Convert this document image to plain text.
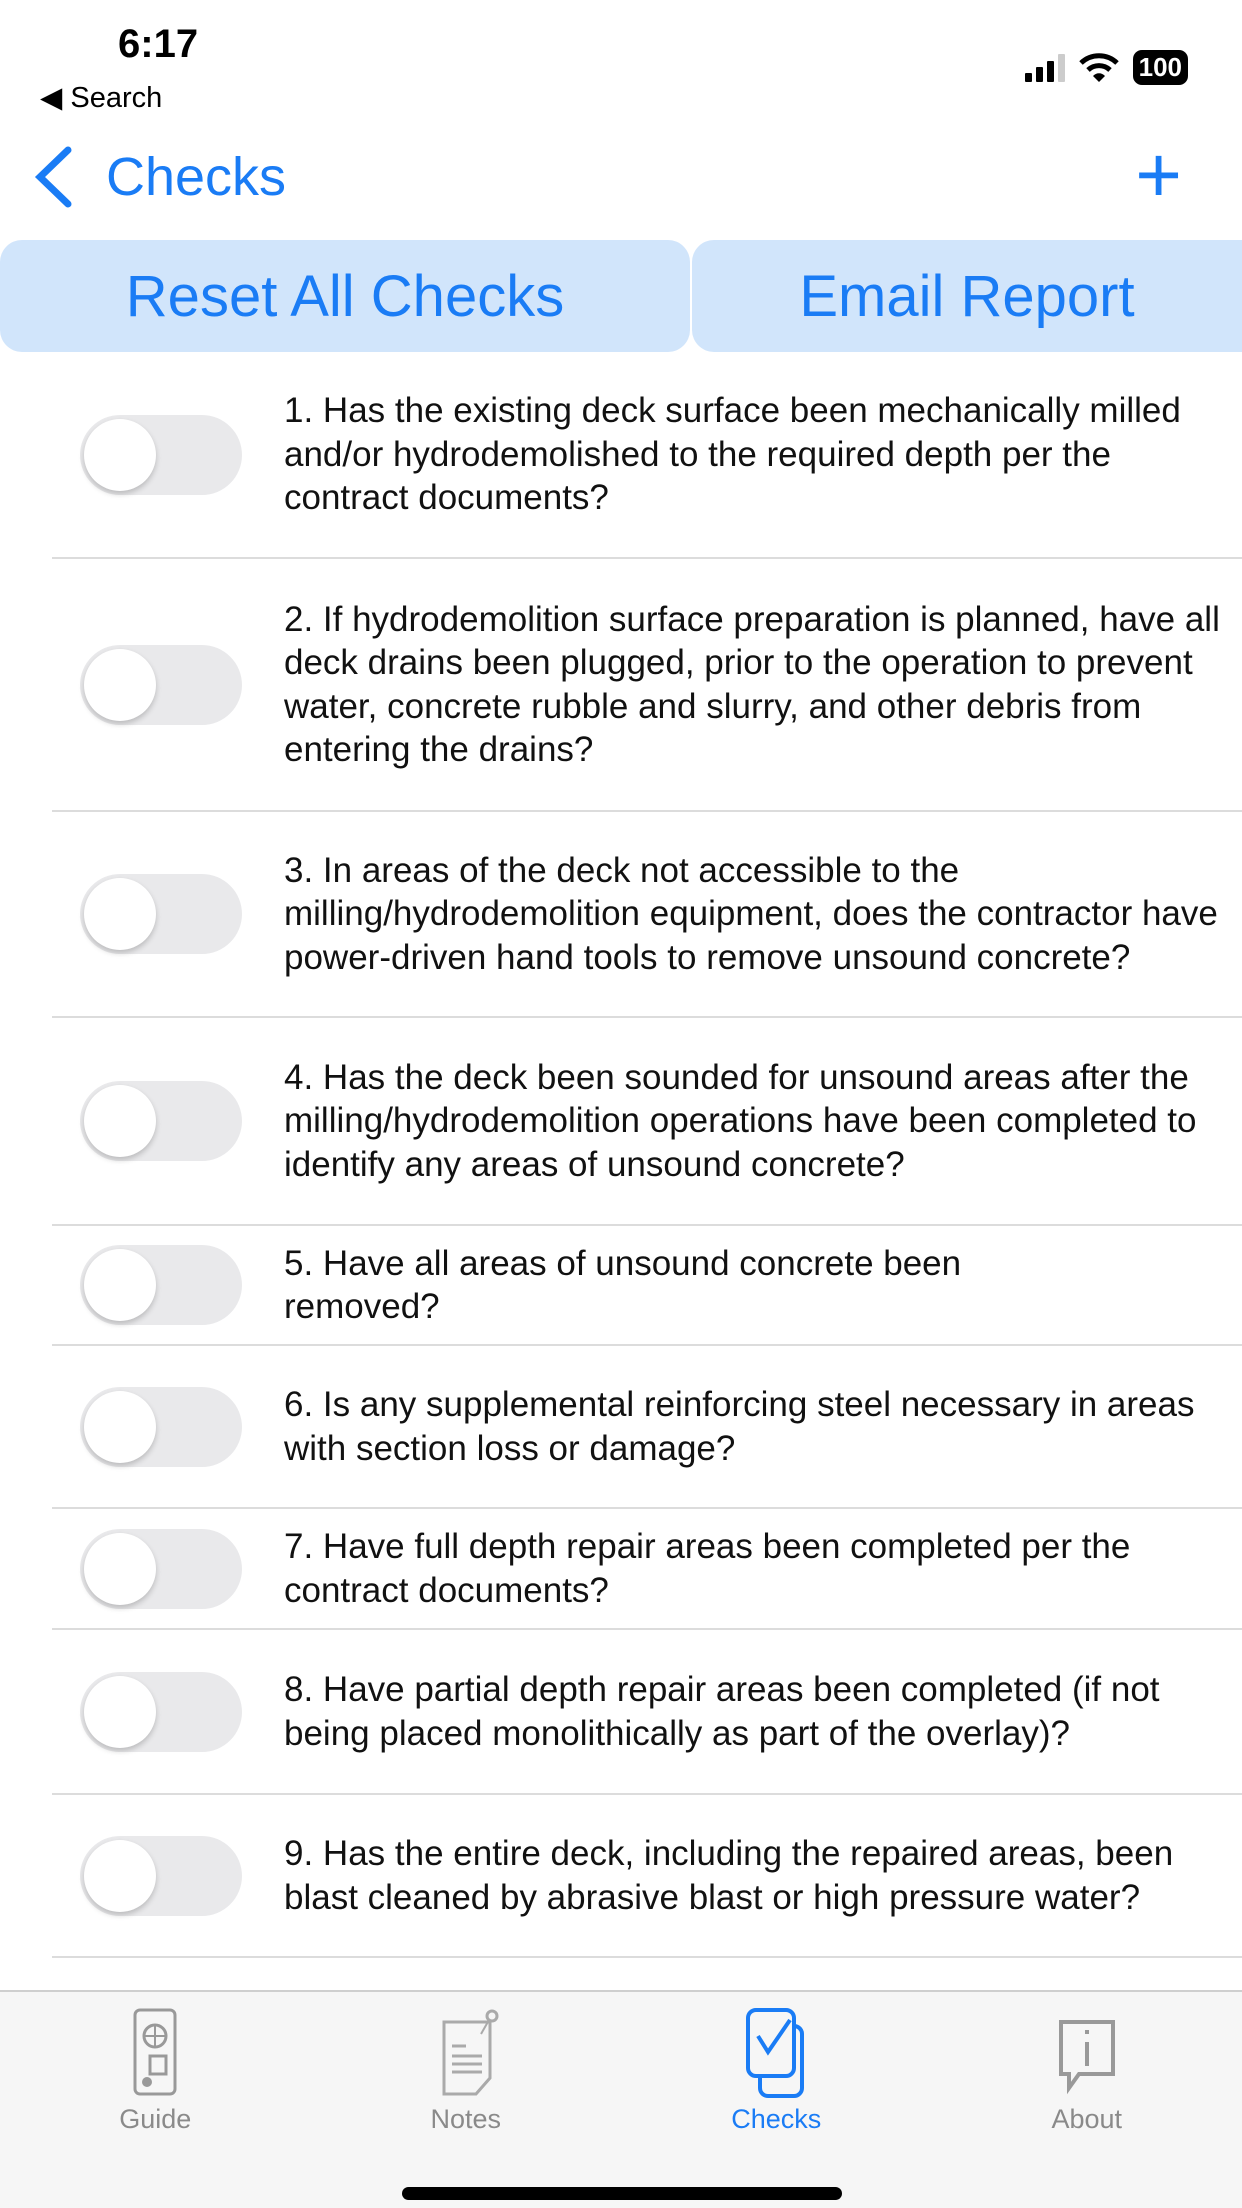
6:17
◀ Search
100
Checks	+
Reset All Checks	Email Report
1. Has the existing deck surface been mechanically milled and/or hydrodemolished to the required depth per the contract documents?
2. If hydrodemolition surface preparation is planned, have all deck drains been plugged, prior to the operation to prevent water, concrete rubble and slurry, and other debris from entering the drains?
3. In areas of the deck not accessible to the milling/hydrodemolition equipment, does the contractor have power-driven hand tools to remove unsound concrete?
4. Has the deck been sounded for unsound areas after the milling/hydrodemolition operations have been completed to identify any areas of unsound concrete?
5. Have all areas of unsound concrete been removed?
6. Is any supplemental reinforcing steel necessary in areas with section loss or damage?
7. Have full depth repair areas been completed per the contract documents?
8. Have partial depth repair areas been completed (if not being placed monolithically as part of the overlay)?
9. Has the entire deck, including the repaired areas, been blast cleaned by abrasive blast or high pressure water?
Guide	Notes	Checks	About
